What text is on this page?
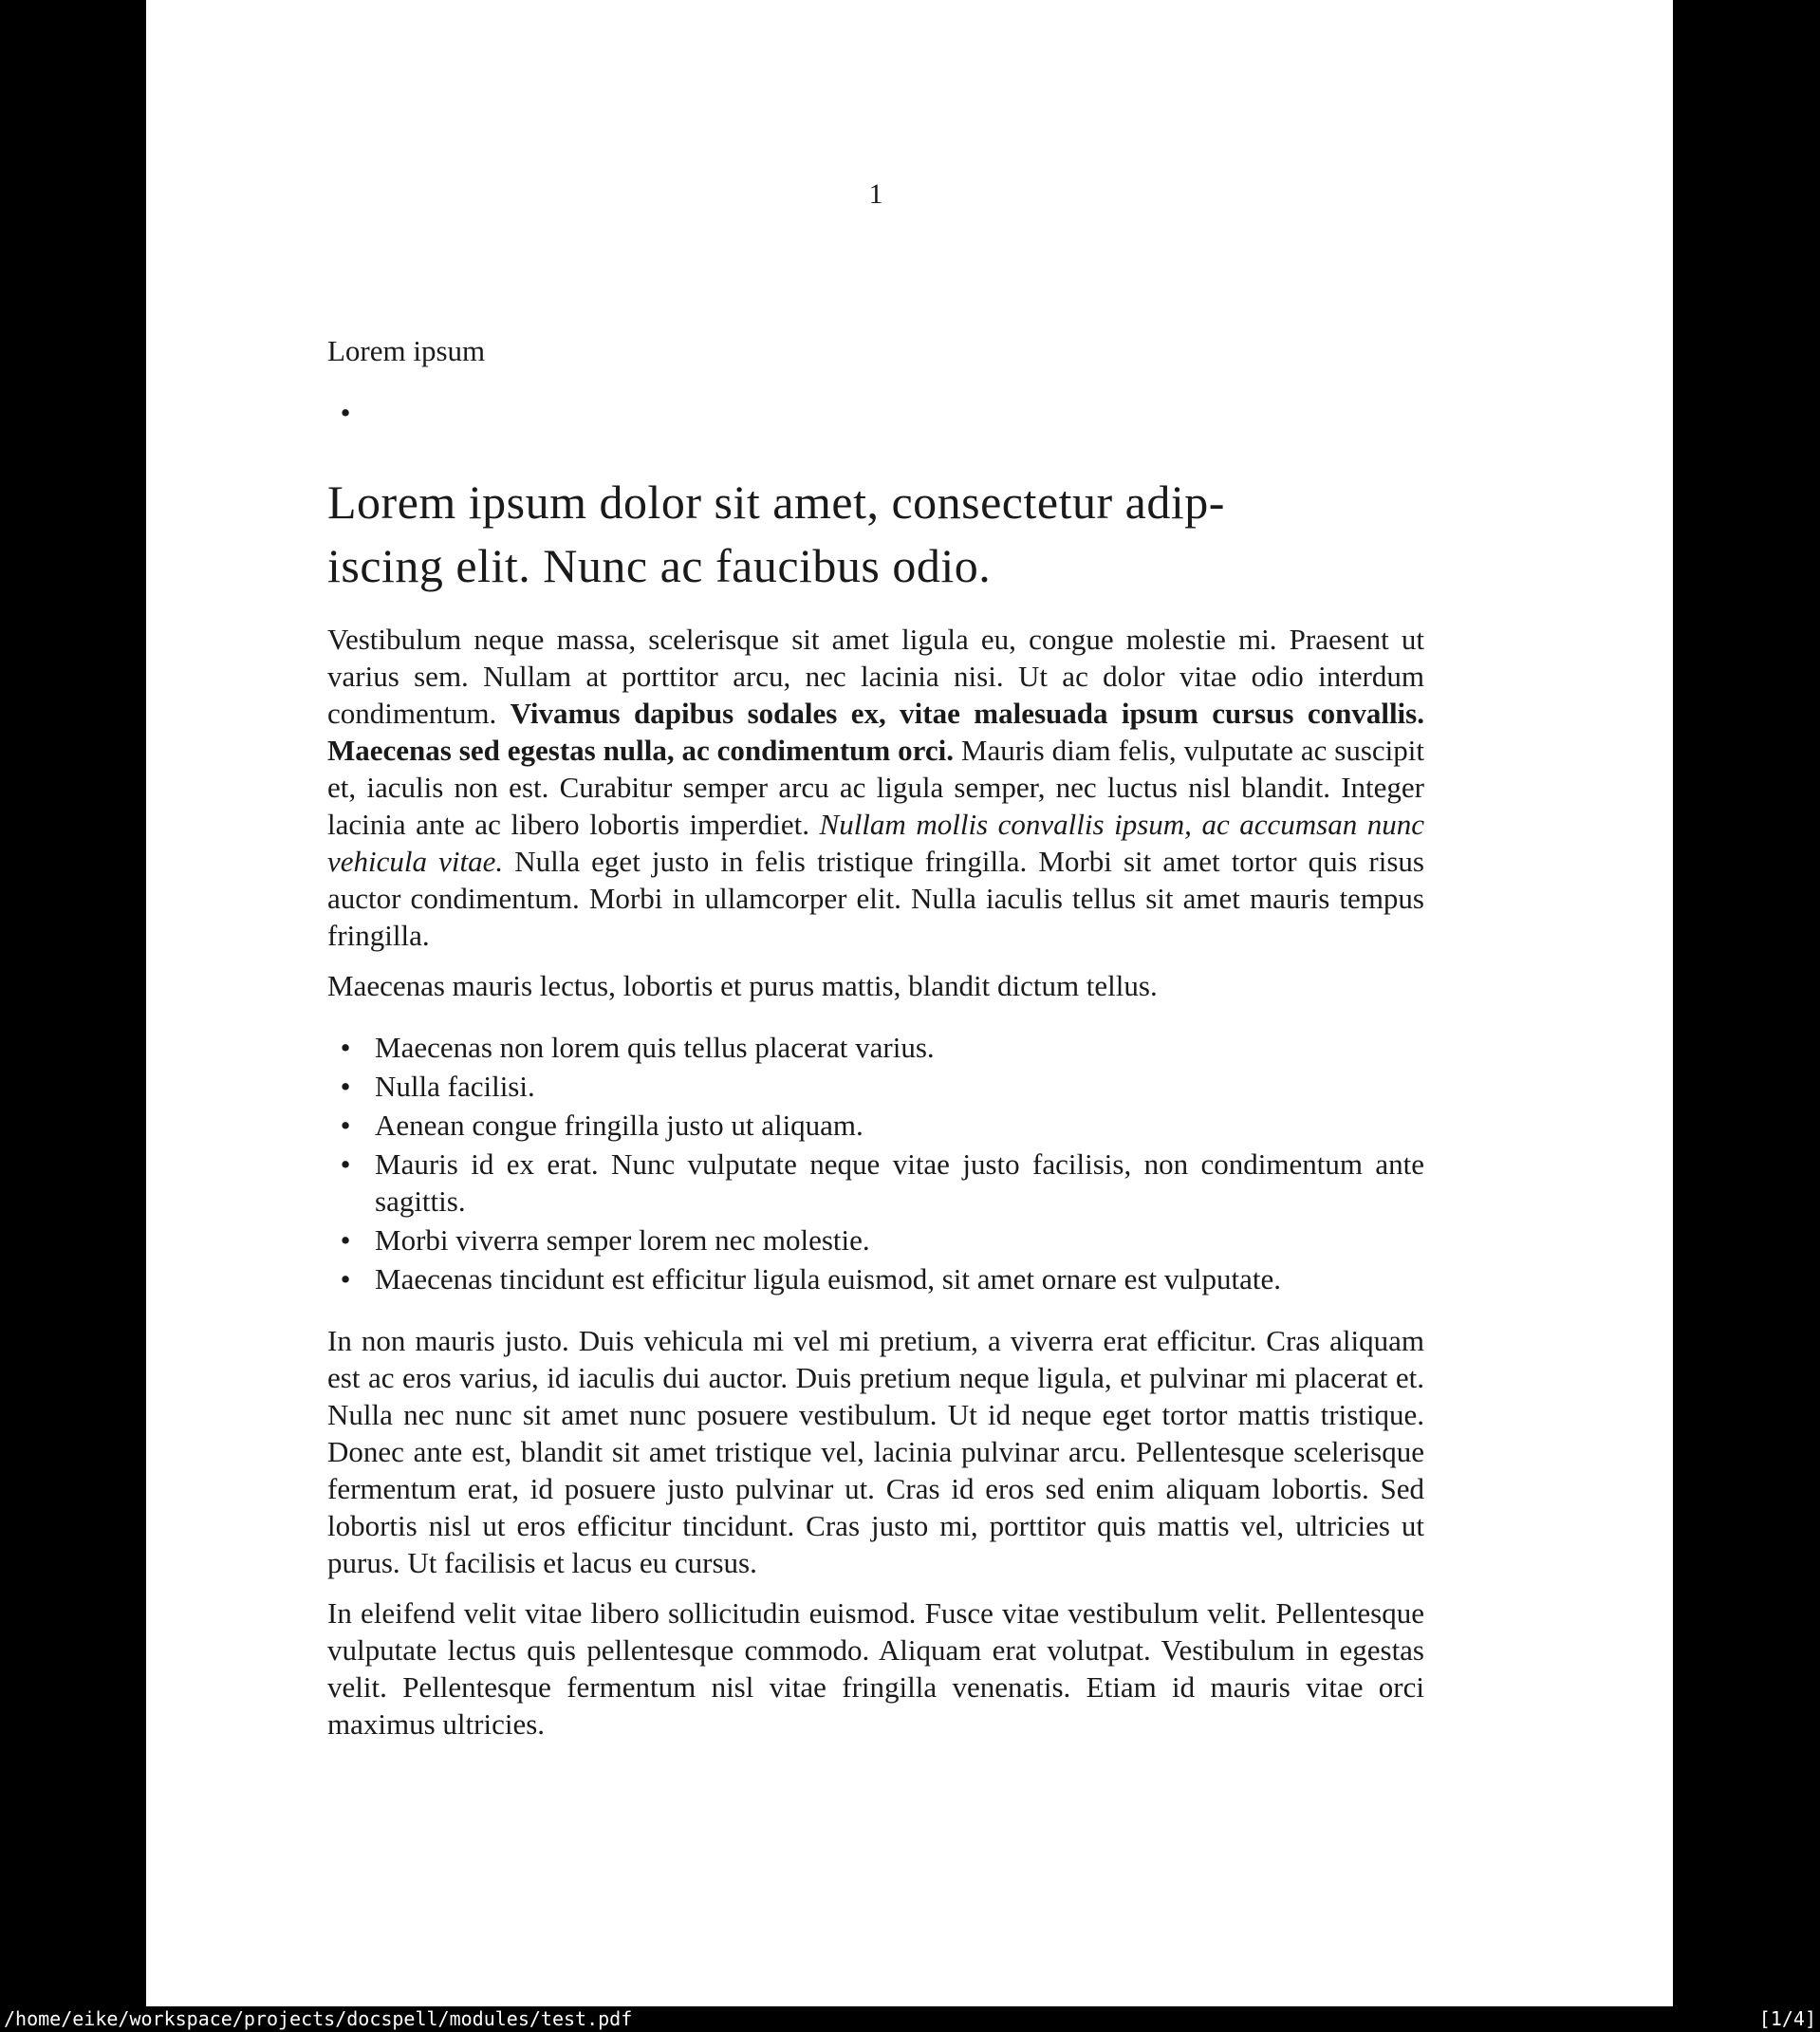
1

Lorem ipsum

•
Lorem ipsum dolor sit amet, consectetur adip-
iscing elit. Nunc ac faucibus odio.

Vestibulum neque massa, scelerisque sit amet ligula eu, congue molestie mi. Praesent ut varius sem. Nullam at porttitor arcu, nec lacinia nisi. Ut ac dolor vitae odio interdum condimentum. Vivamus dapibus sodales ex, vitae malesuada ipsum cursus convallis. Maecenas sed egestas nulla, ac condimentum orci. Mauris diam felis, vulputate ac suscipit et, iaculis non est. Curabitur semper arcu ac ligula semper, nec luctus nisl blandit. Integer lacinia ante ac libero lobortis imperdiet. Nullam mollis convallis ipsum, ac accumsan nunc vehicula vitae. Nulla eget justo in felis tristique fringilla. Morbi sit amet tortor quis risus auctor condimentum. Morbi in ullamcorper elit. Nulla iaculis tellus sit amet mauris tempus fringilla.

Maecenas mauris lectus, lobortis et purus mattis, blandit dictum tellus.

• Maecenas non lorem quis tellus placerat varius.
• Nulla facilisi.
• Aenean congue fringilla justo ut aliquam.
• Mauris id ex erat. Nunc vulputate neque vitae justo facilisis, non condimentum ante sagittis.
• Morbi viverra semper lorem nec molestie.
• Maecenas tincidunt est efficitur ligula euismod, sit amet ornare est vulputate.

In non mauris justo. Duis vehicula mi vel mi pretium, a viverra erat efficitur. Cras aliquam est ac eros varius, id iaculis dui auctor. Duis pretium neque ligula, et pulvinar mi placerat et. Nulla nec nunc sit amet nunc posuere vestibulum. Ut id neque eget tortor mattis tristique. Donec ante est, blandit sit amet tristique vel, lacinia pulvinar arcu. Pellentesque scelerisque fermentum erat, id posuere justo pulvinar ut. Cras id eros sed enim aliquam lobortis. Sed lobortis nisl ut eros efficitur tincidunt. Cras justo mi, porttitor quis mattis vel, ultricies ut purus. Ut facilisis et lacus eu cursus.

In eleifend velit vitae libero sollicitudin euismod. Fusce vitae vestibulum velit. Pellentesque vulputate lectus quis pellentesque commodo. Aliquam erat volutpat. Vestibulum in egestas velit. Pellentesque fermentum nisl vitae fringilla venenatis. Etiam id mauris vitae orci maximus ultricies.

/home/eike/workspace/projects/docspell/modules/test.pdf	[1/4]
